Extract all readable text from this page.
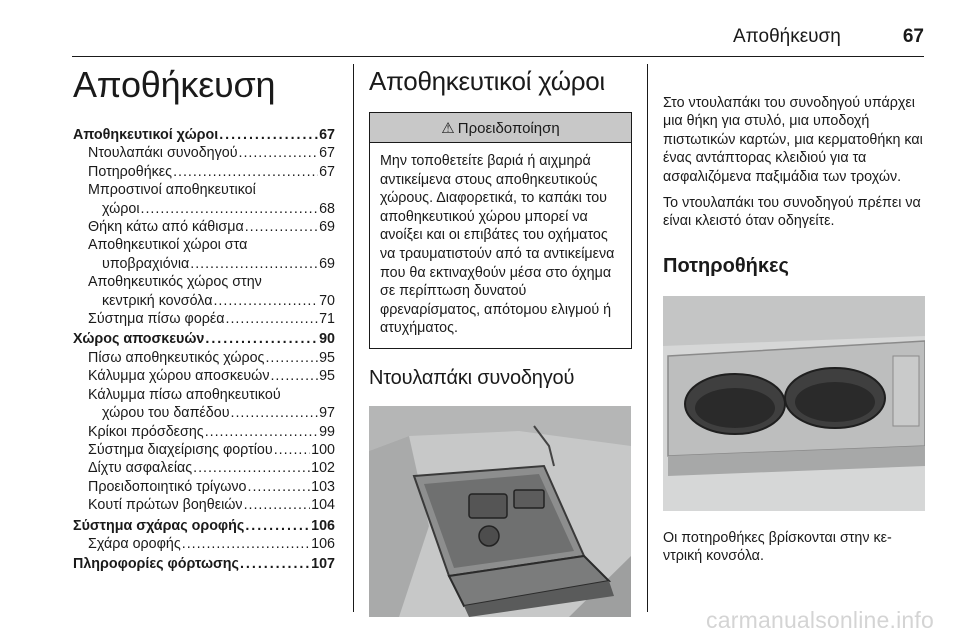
Αποθήκευση	67
Αποθήκευση
Αποθηκευτικοί χώροι . . .	67
Ντουλαπάκι συνοδηγού . . .	67
Ποτηροθήκες . . .	67
Μπροστινοί αποθηκευτικοί
χώροι . . .	68
Θήκη κάτω από κάθισμα . . .	69
Αποθηκευτικοί χώροι στα
υποβραχιόνια . . .	69
Αποθηκευτικός χώρος στην
κεντρική κονσόλα . . .	70
Σύστημα πίσω φορέα . . .	71
Χώρος αποσκευών . . .	90
Πίσω αποθηκευτικός χώρος . . .	95
Κάλυμμα χώρου αποσκευών . . .	95
Κάλυμμα πίσω αποθηκευτικού
χώρου του δαπέδου . . .	97
Κρίκοι πρόσδεσης . . .	99
Σύστημα διαχείρισης φορτίου . . .	100
Δίχτυ ασφαλείας . . .	102
Προειδοποιητικό τρίγωνο . . .	103
Κουτί πρώτων βοηθειών . . .	104
Σύστημα σχάρας οροφής . . .	106
Σχάρα οροφής . . .	106
Πληροφορίες φόρτωσης . . .	107
Αποθηκευτικοί χώροι
⚠ Προειδοποίηση
Μην τοποθετείτε βαριά ή αιχμηρά αντικείμενα στους αποθηκευτικούς χώρους. Διαφορετικά, το καπάκι του αποθηκευτικού χώρου μπορεί να ανοίξει και οι επιβάτες του οχήματος να τραυματιστούν από τα αντικείμενα που θα εκτιναχθούν μέσα στο όχημα σε περίπτωση δυνατού φρεναρίσματος, απότομου ελιγμού ή ατυχήματος.
Ντουλαπάκι συνοδηγού

Στο ντουλαπάκι του συνοδηγού υπάρχει μια θήκη για στυλό, μια υποδοχή πιστωτικών καρτών, μια κερματοθήκη και ένας αντάπτορας κλειδιού για τα ασφαλιζόμενα παξιμάδια των τροχών.

Το ντουλαπάκι του συνοδηγού πρέπει να είναι κλειστό όταν οδηγείτε.

Ποτηροθήκες

Οι ποτηροθήκες βρίσκονται στην κεντρική κονσόλα.

carmanualsonline.info
